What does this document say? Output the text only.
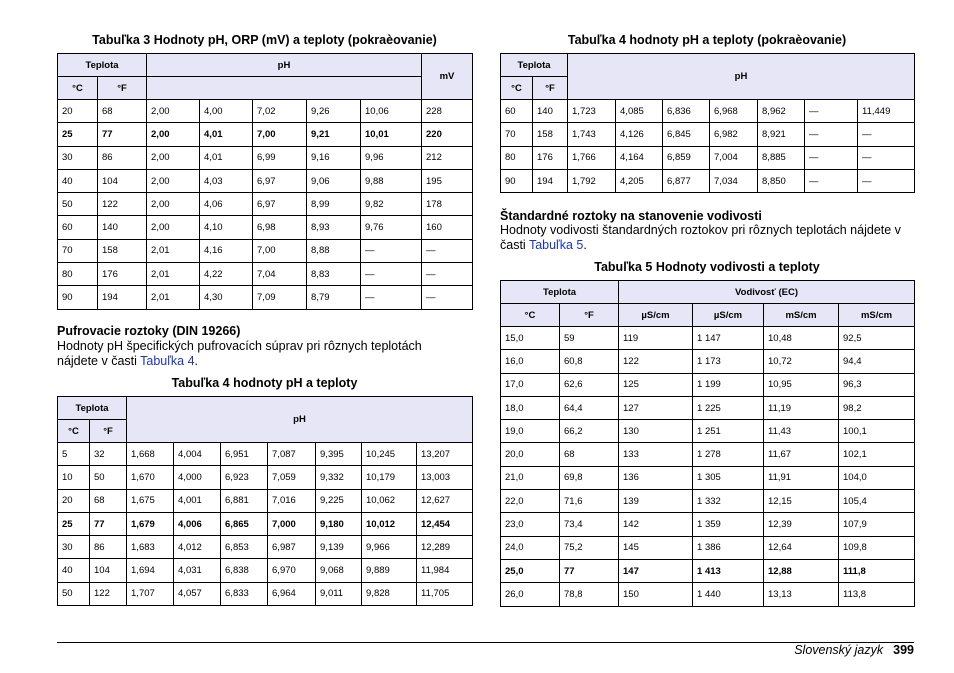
Tabuľka 3 Hodnoty pH, ORP (mV) a teploty (pokraèovanie)
Teplota		pH					mV
°C	°F						
20	68	2,00	4,00	7,02	9,26	10,06	228
25	77	2,00	4,01	7,00	9,21	10,01	220
30	86	2,00	4,01	6,99	9,16	9,96	212
40	104	2,00	4,03	6,97	9,06	9,88	195
50	122	2,00	4,06	6,97	8,99	9,82	178
60	140	2,00	4,10	6,98	8,93	9,76	160
70	158	2,01	4,16	7,00	8,88	—	—
80	176	2,01	4,22	7,04	8,83	—	—
90	194	2,01	4,30	7,09	8,79	—	—
Pufrovacie roztoky (DIN 19266)
Hodnoty pH špecifických pufrovacích súprav pri rôznych teplotách nájdete v časti Tabuľka 4.
Tabuľka 4 hodnoty pH a teploty
Teplota		pH						
°C	°F							
5	32	1,668	4,004	6,951	7,087	9,395	10,245	13,207
10	50	1,670	4,000	6,923	7,059	9,332	10,179	13,003
20	68	1,675	4,001	6,881	7,016	9,225	10,062	12,627
25	77	1,679	4,006	6,865	7,000	9,180	10,012	12,454
30	86	1,683	4,012	6,853	6,987	9,139	9,966	12,289
40	104	1,694	4,031	6,838	6,970	9,068	9,889	11,984
50	122	1,707	4,057	6,833	6,964	9,011	9,828	11,705
Tabuľka 4 hodnoty pH a teploty (pokraèovanie)
Teplota		pH						
°C	°F							
60	140	1,723	4,085	6,836	6,968	8,962	—	11,449
70	158	1,743	4,126	6,845	6,982	8,921	—	—
80	176	1,766	4,164	6,859	7,004	8,885	—	—
90	194	1,792	4,205	6,877	7,034	8,850	—	—
Štandardné roztoky na stanovenie vodivosti
Hodnoty vodivosti štandardných roztokov pri rôznych teplotách nájdete v časti Tabuľka 5.
Tabuľka 5 Hodnoty vodivosti a teploty
Teplota		Vodivosť (EC)			
°C	°F	µS/cm	µS/cm	mS/cm	mS/cm
15,0	59	119	1 147	10,48	92,5
16,0	60,8	122	1 173	10,72	94,4
17,0	62,6	125	1 199	10,95	96,3
18,0	64,4	127	1 225	11,19	98,2
19,0	66,2	130	1 251	11,43	100,1
20,0	68	133	1 278	11,67	102,1
21,0	69,8	136	1 305	11,91	104,0
22,0	71,6	139	1 332	12,15	105,4
23,0	73,4	142	1 359	12,39	107,9
24,0	75,2	145	1 386	12,64	109,8
25,0	77	147	1 413	12,88	111,8
26,0	78,8	150	1 440	13,13	113,8
Slovenský jazyk 399
